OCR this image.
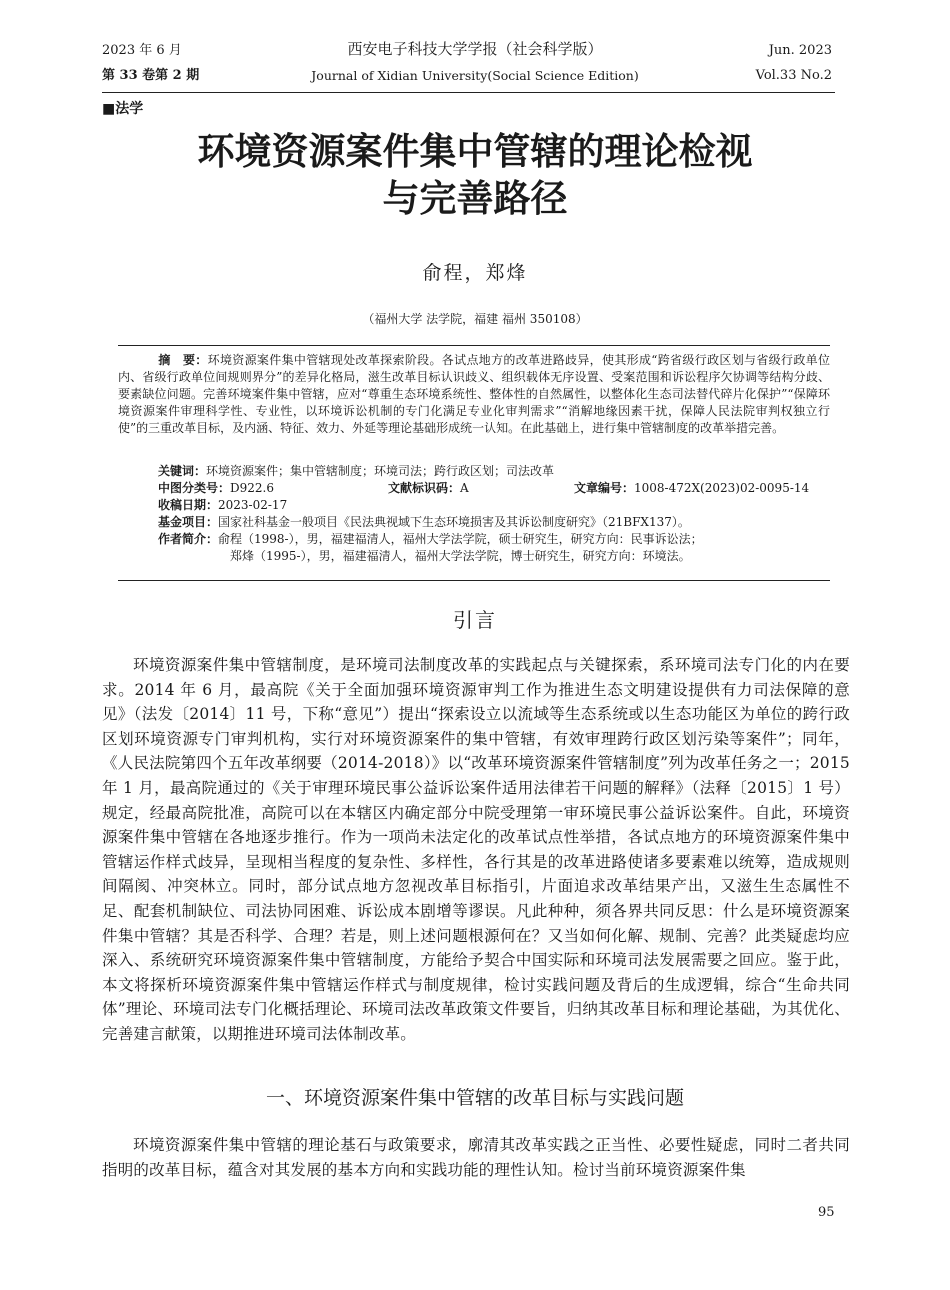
2023 年 6 月
第 33 卷第 2 期
西安电子科技大学学报（社会科学版）
Journal of Xidian University(Social Science Edition)
Jun. 2023
Vol.33 No.2
■法学
环境资源案件集中管辖的理论检视
与完善路径
俞程，郑烽
（福州大学 法学院，福建 福州 350108）
摘　要：环境资源案件集中管辖现处改革探索阶段。各试点地方的改革进路歧异，使其形成“跨省级行政区划与省级行政单位内、省级行政单位间规则界分”的差异化格局，滋生改革目标认识歧义、组织载体无序设置、受案范围和诉讼程序欠协调等结构分歧、要素缺位问题。完善环境案件集中管辖，应对“尊重生态环境系统性、整体性的自然属性，以整体化生态司法替代碎片化保护”“保障环境资源案件审理科学性、专业性，以环境诉讼机制的专门化满足专业化审判需求”“消解地缘因素干扰，保障人民法院审判权独立行使”的三重改革目标，及内涵、特征、效力、外延等理论基础形成统一认知。在此基础上，进行集中管辖制度的改革举措完善。
关键词：环境资源案件；集中管辖制度；环境司法；跨行政区划；司法改革
中图分类号：D922.6	文献标识码：A	文章编号：1008-472X(2023)02-0095-14
收稿日期：2023-02-17
基金项目：国家社科基金一般项目《民法典视域下生态环境损害及其诉讼制度研究》（21BFX137）。
作者简介：俞程（1998-），男，福建福清人，福州大学法学院，硕士研究生，研究方向：民事诉讼法；
郑烽（1995-），男，福建福清人，福州大学法学院，博士研究生，研究方向：环境法。
引言
环境资源案件集中管辖制度，是环境司法制度改革的实践起点与关键探索，系环境司法专门化的内在要求。2014 年 6 月，最高院《关于全面加强环境资源审判工作为推进生态文明建设提供有力司法保障的意见》（法发〔2014〕11 号，下称“意见”）提出“探索设立以流域等生态系统或以生态功能区为单位的跨行政区划环境资源专门审判机构，实行对环境资源案件的集中管辖，有效审理跨行政区划污染等案件”；同年，《人民法院第四个五年改革纲要（2014-2018）》以“改革环境资源案件管辖制度”列为改革任务之一；2015 年 1 月，最高院通过的《关于审理环境民事公益诉讼案件适用法律若干问题的解释》（法释〔2015〕1 号）规定，经最高院批准，高院可以在本辖区内确定部分中院受理第一审环境民事公益诉讼案件。自此，环境资源案件集中管辖在各地逐步推行。作为一项尚未法定化的改革试点性举措，各试点地方的环境资源案件集中管辖运作样式歧异，呈现相当程度的复杂性、多样性，各行其是的改革进路使诸多要素难以统筹，造成规则间隔阂、冲突林立。同时，部分试点地方忽视改革目标指引，片面追求改革结果产出，又滋生生态属性不足、配套机制缺位、司法协同困难、诉讼成本剧增等谬误。凡此种种，须各界共同反思：什么是环境资源案件集中管辖？其是否科学、合理？若是，则上述问题根源何在？又当如何化解、规制、完善？此类疑虑均应深入、系统研究环境资源案件集中管辖制度，方能给予契合中国实际和环境司法发展需要之回应。鉴于此，本文将探析环境资源案件集中管辖运作样式与制度规律，检讨实践问题及背后的生成逻辑，综合“生命共同体”理论、环境司法专门化概括理论、环境司法改革政策文件要旨，归纳其改革目标和理论基础，为其优化、完善建言献策，以期推进环境司法体制改革。
一、环境资源案件集中管辖的改革目标与实践问题
环境资源案件集中管辖的理论基石与政策要求，廓清其改革实践之正当性、必要性疑虑，同时二者共同指明的改革目标，蕴含对其发展的基本方向和实践功能的理性认知。检讨当前环境资源案件集
95
